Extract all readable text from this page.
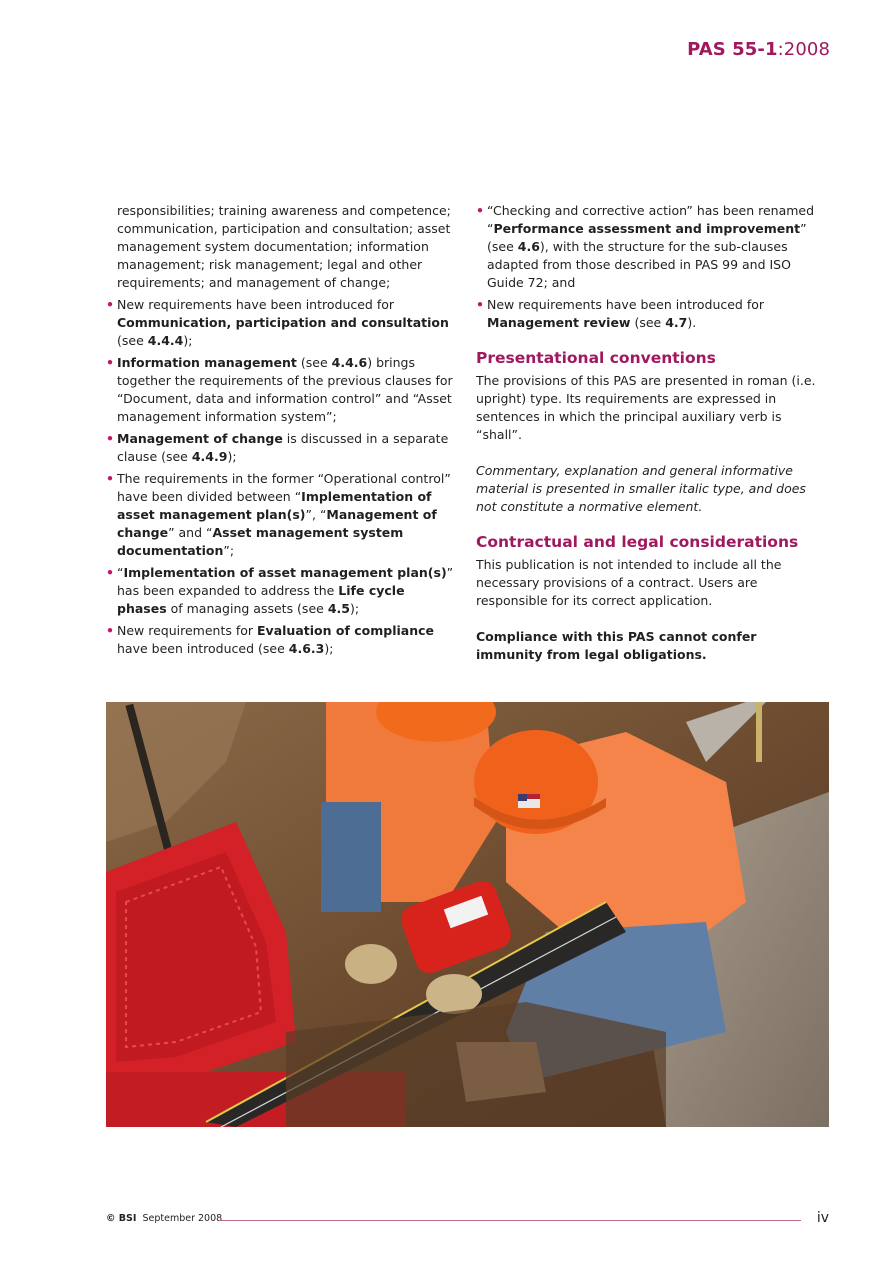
PAS 55-1:2008

responsibilities; training awareness and competence; communication, participation and consultation; asset management system documentation; information management; risk management; legal and other requirements; and management of change;

• New requirements have been introduced for Communication, participation and consultation (see 4.4.4);
• Information management (see 4.4.6) brings together the requirements of the previous clauses for “Document, data and information control” and “Asset management information system”;
• Management of change is discussed in a separate clause (see 4.4.9);
• The requirements in the former “Operational control” have been divided between “Implementation of asset management plan(s)”, “Management of change” and “Asset management system documentation”;
• “Implementation of asset management plan(s)” has been expanded to address the Life cycle phases of managing assets (see 4.5);
• New requirements for Evaluation of compliance have been introduced (see 4.6.3);
• “Checking and corrective action” has been renamed “Performance assessment and improvement” (see 4.6), with the structure for the sub-clauses adapted from those described in PAS 99 and ISO Guide 72; and
• New requirements have been introduced for Management review (see 4.7).
Presentational conventions

The provisions of this PAS are presented in roman (i.e. upright) type. Its requirements are expressed in sentences in which the principal auxiliary verb is “shall”.

Commentary, explanation and general informative material is presented in smaller italic type, and does not constitute a normative element.

Contractual and legal considerations

This publication is not intended to include all the necessary provisions of a contract. Users are responsible for its correct application.

Compliance with this PAS cannot confer immunity from legal obligations.

© BSI September 2008	iv
